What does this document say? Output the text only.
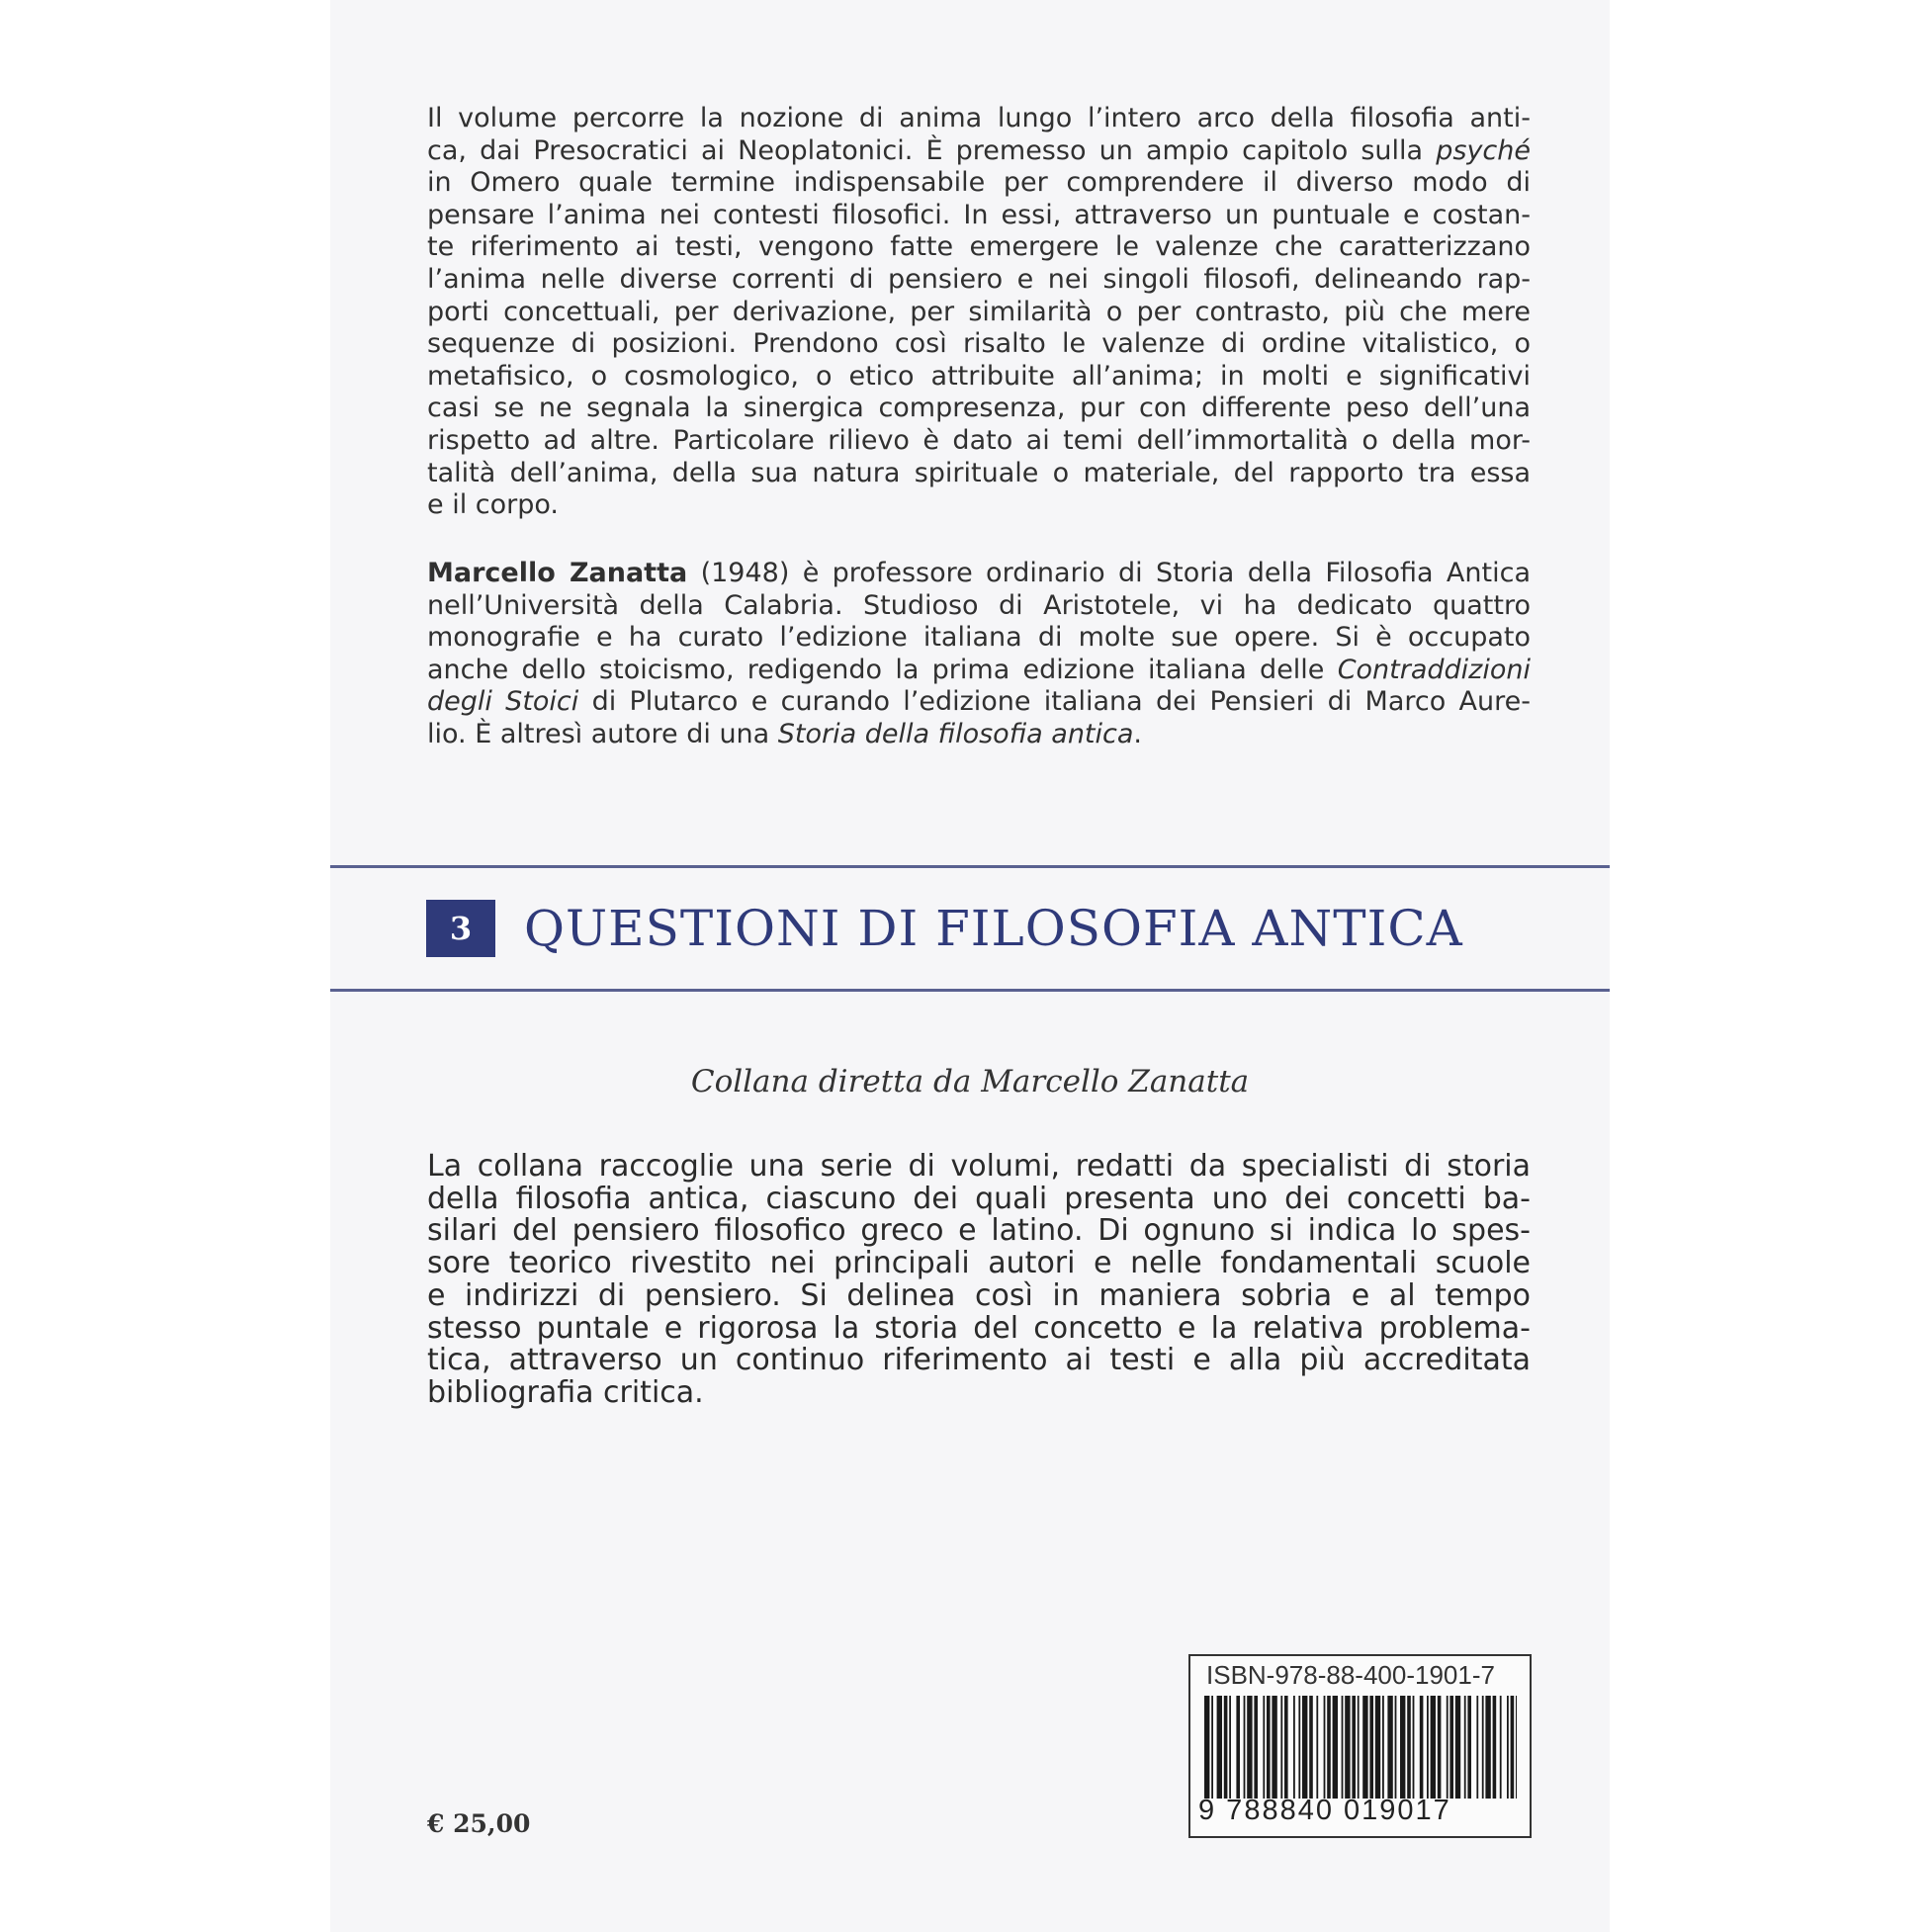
Il volume percorre la nozione di anima lungo l’intero arco della filosofia anti-
ca, dai Presocratici ai Neoplatonici. È premesso un ampio capitolo sulla psyché
in Omero quale termine indispensabile per comprendere il diverso modo di
pensare l’anima nei contesti filosofici. In essi, attraverso un puntuale e costan-
te riferimento ai testi, vengono fatte emergere le valenze che caratterizzano
l’anima nelle diverse correnti di pensiero e nei singoli filosofi, delineando rap-
porti concettuali, per derivazione, per similarità o per contrasto, più che mere
sequenze di posizioni. Prendono così risalto le valenze di ordine vitalistico, o
metafisico, o cosmologico, o etico attribuite all’anima; in molti e significativi
casi se ne segnala la sinergica compresenza, pur con differente peso dell’una
rispetto ad altre. Particolare rilievo è dato ai temi dell’immortalità o della mor-
talità dell’anima, della sua natura spirituale o materiale, del rapporto tra essa
e il corpo.
Marcello Zanatta (1948) è professore ordinario di Storia della Filosofia Antica
nell’Università della Calabria. Studioso di Aristotele, vi ha dedicato quattro
monografie e ha curato l’edizione italiana di molte sue opere. Si è occupato
anche dello stoicismo, redigendo la prima edizione italiana delle Contraddizioni
degli Stoici di Plutarco e curando l’edizione italiana dei Pensieri di Marco Aure-
lio. È altresì autore di una Storia della filosofia antica.
3	QUESTIONI DI FILOSOFIA ANTICA
Collana diretta da Marcello Zanatta
La collana raccoglie una serie di volumi, redatti da specialisti di storia
della filosofia antica, ciascuno dei quali presenta uno dei concetti ba-
silari del pensiero filosofico greco e latino. Di ognuno si indica lo spes-
sore teorico rivestito nei principali autori e nelle fondamentali scuole
e indirizzi di pensiero. Si delinea così in maniera sobria e al tempo
stesso puntale e rigorosa la storia del concetto e la relativa problema-
tica, attraverso un continuo riferimento ai testi e alla più accreditata
bibliografia critica.
ISBN-978-88-400-1901-7
9 788840 019017
€ 25,00
